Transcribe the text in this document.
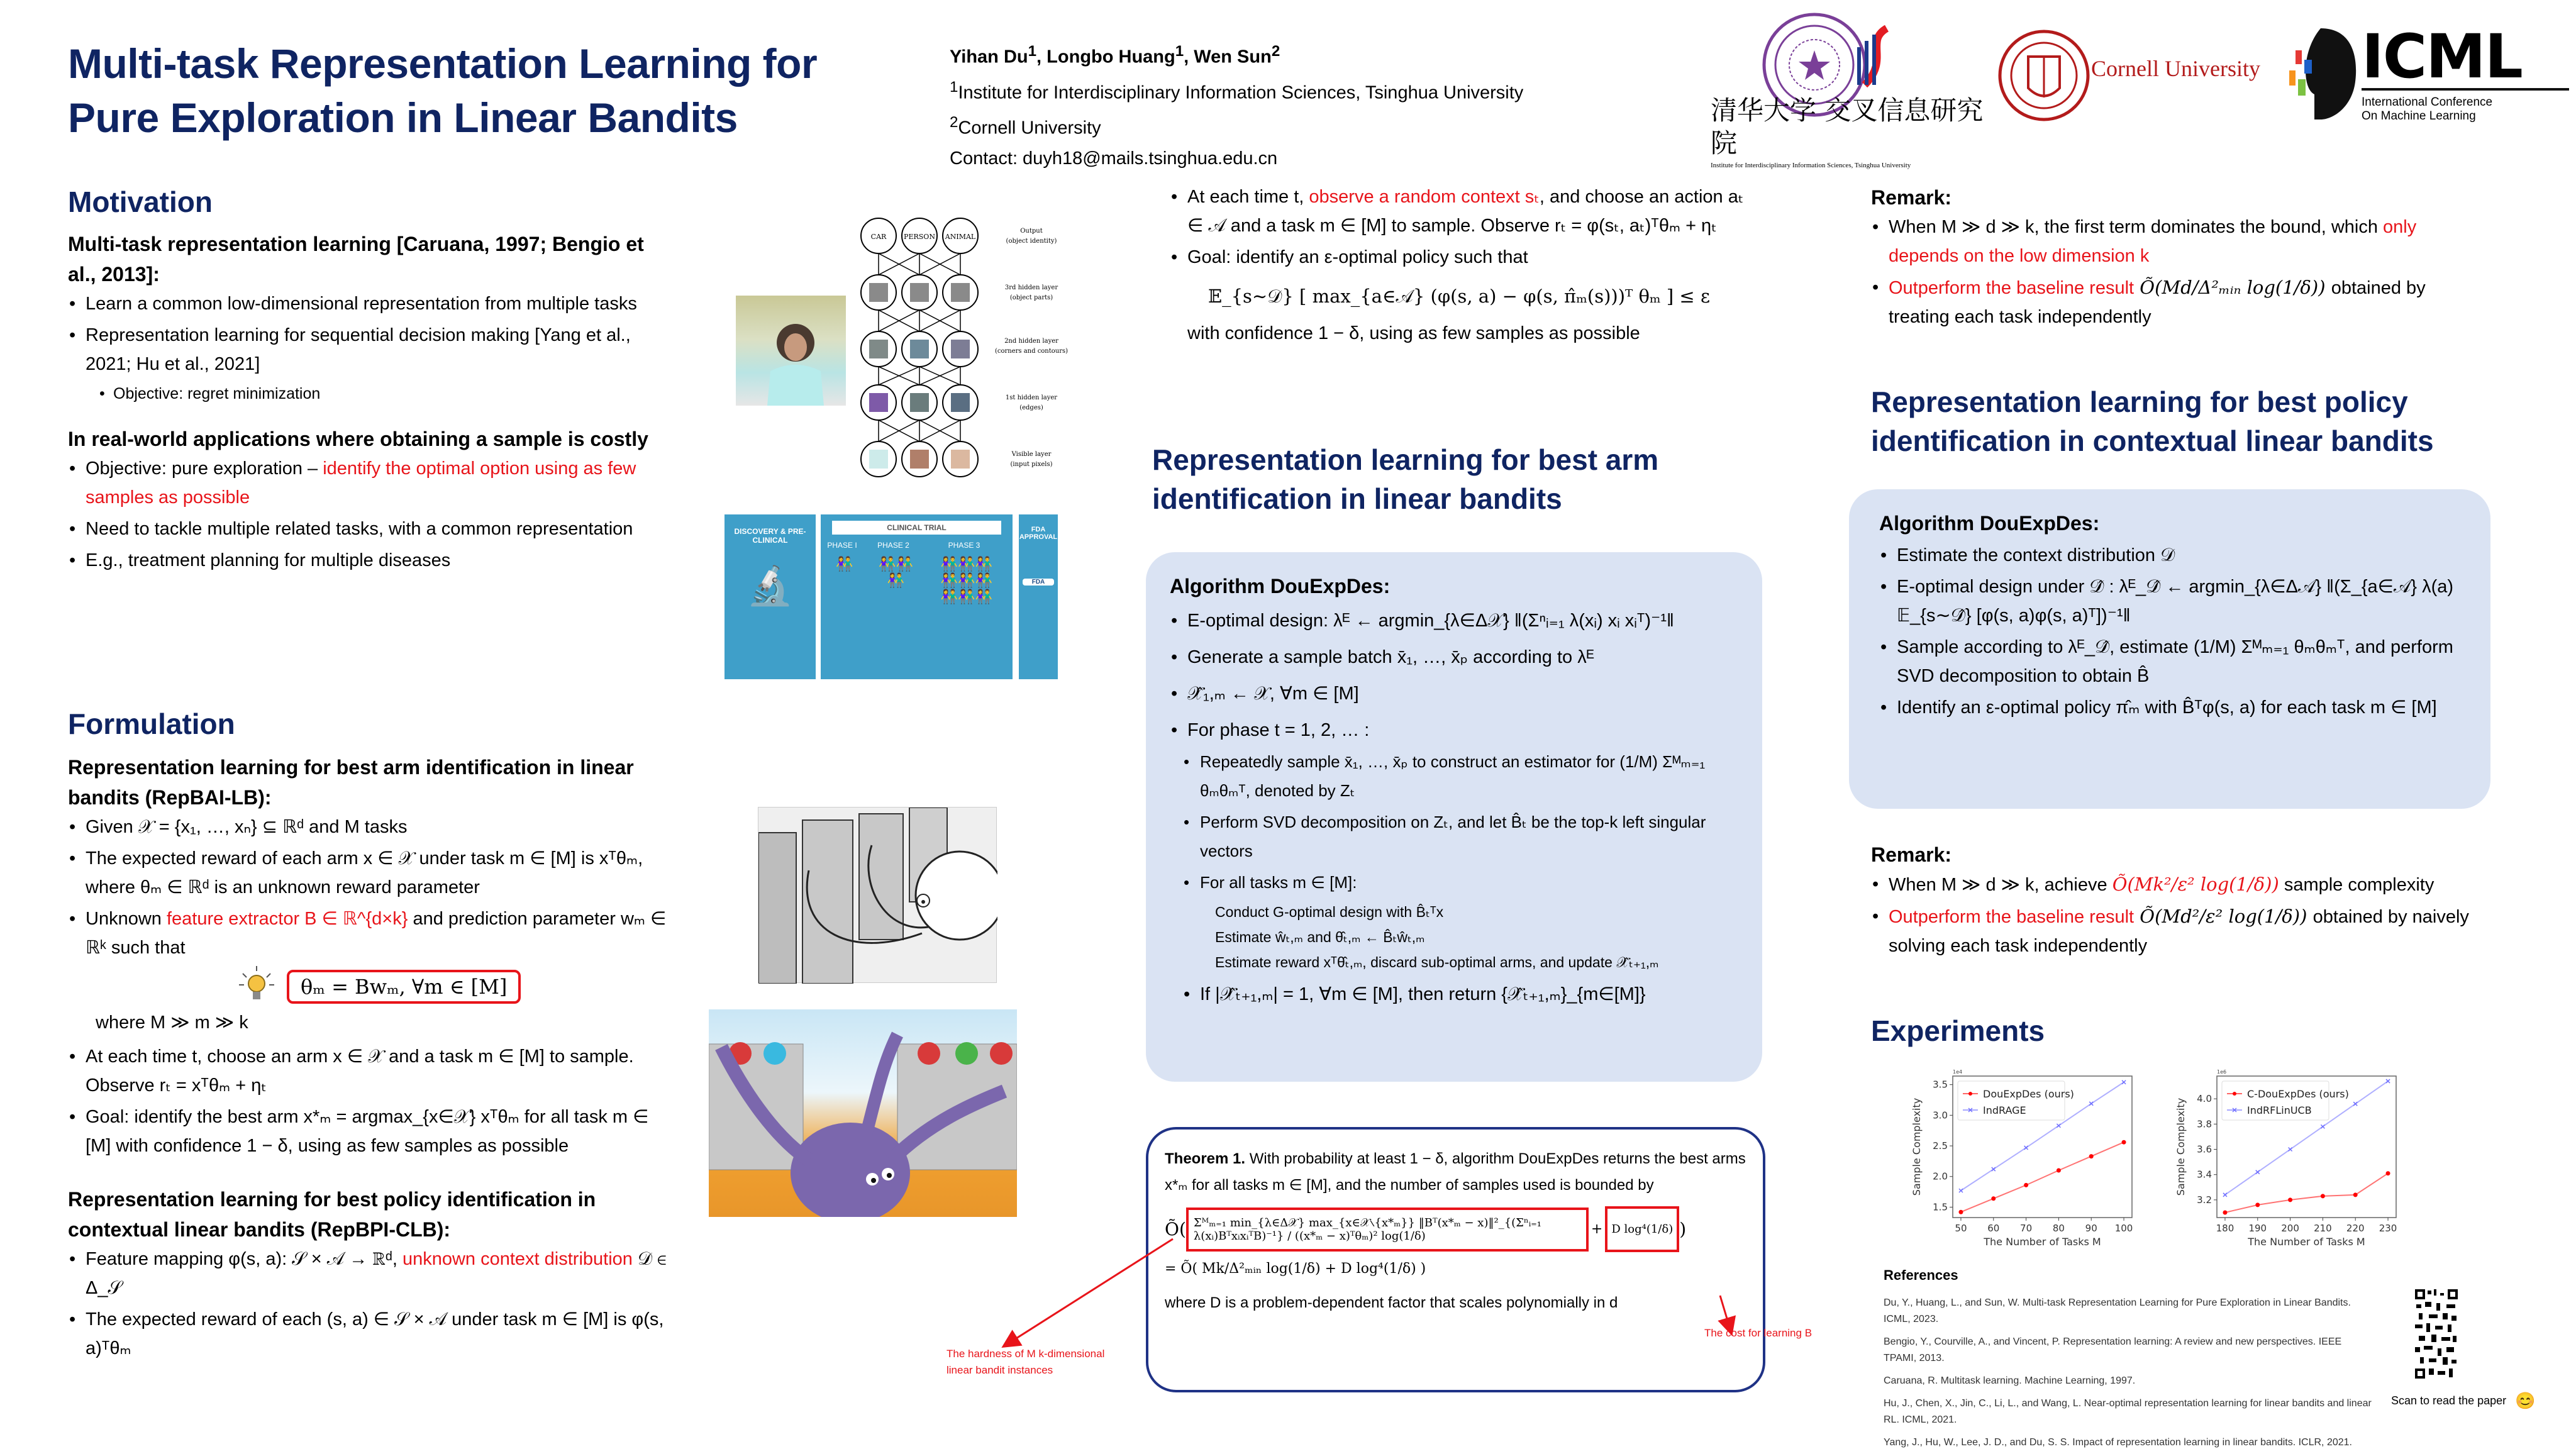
Multi-task Representation Learning for
Pure Exploration in Linear Bandits
Yihan Du$^1$, Longbo Huang$^1$, Wen Sun$^2$
$^1$Institute for Interdisciplinary Information Sciences, Tsinghua University
$^2$Cornell University
Contact: duyh18@mails.tsinghua.edu.cn
清华大学 交叉信息研究院
Institute for Interdisciplinary Information Sciences, Tsinghua University
Cornell University ICML
International Conference
On Machine Learning
Motivation
Multi-task representation learning [Caruana, 1997; Bengio et al., 2013]:
• Learn a common low-dimensional representation from multiple tasks
• Representation learning for sequential decision making [Yang et al., 2021; Hu et al., 2021]
• Objective: regret minimization
In real-world applications where obtaining a sample is costly
• Objective: pure exploration – identify the optimal option using as few samples as possible
• Need to tackle multiple related tasks, with a common representation
• E.g., treatment planning for multiple diseases
Formulation
Representation learning for best arm identification in linear bandits (RepBAI-LB):
• Given 𝒳 = {x₁, …, xₙ} ⊆ ℝᵈ and M tasks
• The expected reward of each arm x ∈ 𝒳 under task m ∈ [M] is xᵀθₘ, where θₘ ∈ ℝᵈ is an unknown reward parameter
• Unknown feature extractor B ∈ ℝ^{d×k} and prediction parameter wₘ ∈ ℝᵏ such that
θₘ = Bwₘ, ∀m ∈ [M]
where M ≫ m ≫ k
• At each time t, choose an arm x ∈ 𝒳 and a task m ∈ [M] to sample. Observe rₜ = xᵀθₘ + ηₜ
• Goal: identify the best arm x*ₘ = argmax_{x∈𝒳} xᵀθₘ for all task m ∈ [M] with confidence 1 − δ, using as few samples as possible
Representation learning for best policy identification in contextual linear bandits (RepBPI-CLB):
• Feature mapping φ(s, a): 𝒮 × 𝒜 → ℝᵈ, unknown context distribution 𝒟 ∈ Δ_𝒮
• The expected reward of each (s, a) ∈ 𝒮 × 𝒜 under task m ∈ [M] is φ(s, a)ᵀθₘ
CAR	PERSON ANIMAL
Output
(object identity)
3rd hidden layer
(object parts)
2nd hidden layer
(corners and contours)
1st hidden layer
(edges)
Visible layer
(input pixels)
DISCOVERY & PRE-CLINICAL
🔬
CLINICAL TRIAL
PHASE I	PHASE 2	PHASE 3
👫	👫👫
👫
👫👫👫
👫👫👫
👫👫👫
FDA APPROVAL
FDA
• At each time t, observe a random context sₜ, and choose an action aₜ ∈ 𝒜 and a task m ∈ [M] to sample. Observe rₜ = φ(sₜ, aₜ)ᵀθₘ + ηₜ
• Goal: identify an ε-optimal policy such that
𝔼_{s∼𝒟} [ max_{a∈𝒜} (φ(s, a) − φ(s, π̂ₘ(s)))ᵀ θₘ ] ≤ ε
with confidence 1 − δ, using as few samples as possible
Representation learning for best arm identification in linear bandits
Algorithm DouExpDes:
• E-optimal design: λᴱ ← argmin_{λ∈Δ𝒳} ‖(Σⁿᵢ₌₁ λ(xᵢ) xᵢ xᵢᵀ)⁻¹‖
• Generate a sample batch x̄₁, …, x̄ₚ according to λᴱ
• 𝒳̂₁,ₘ ← 𝒳, ∀m ∈ [M]
• For phase t = 1, 2, … :
• Repeatedly sample x̄₁, …, x̄ₚ to construct an estimator for (1/M) Σᴹₘ₌₁ θₘθₘᵀ, denoted by Zₜ
• Perform SVD decomposition on Zₜ, and let B̂ₜ be the top-k left singular vectors
• For all tasks m ∈ [M]:
Conduct G-optimal design with B̂ₜᵀx
Estimate ŵₜ,ₘ and θ̂ₜ,ₘ ← B̂ₜŵₜ,ₘ
Estimate reward xᵀθ̂ₜ,ₘ, discard sub-optimal arms, and update 𝒳̂ₜ₊₁,ₘ
• If |𝒳̂ₜ₊₁,ₘ| = 1, ∀m ∈ [M], then return {𝒳̂ₜ₊₁,ₘ}_{m∈[M]}
Theorem 1. With probability at least 1 − δ, algorithm DouExpDes returns the best arms x*ₘ for all tasks m ∈ [M], and the number of samples used is bounded by
Õ( Σᴹₘ₌₁ min_{λ∈Δ𝒳} max_{x∈𝒳∖{x*ₘ}} ‖Bᵀ(x*ₘ − x)‖²_{(Σⁿᵢ₌₁ λ(xᵢ)BᵀxᵢxᵢᵀB)⁻¹} / ((x*ₘ − x)ᵀθₘ)² log(1/δ)	+ D log⁴(1/δ) )
= Õ( Mk/Δ²ₘᵢₙ log(1/δ) + D log⁴(1/δ) )
where D is a problem-dependent factor that scales polynomially in d
The hardness of M k-dimensional linear bandit instances
The cost for learning B
Remark:
• When M ≫ d ≫ k, the first term dominates the bound, which only depends on the low dimension k
• Outperform the baseline result Õ(Md/Δ²ₘᵢₙ log(1/δ)) obtained by treating each task independently
Representation learning for best policy identification in contextual linear bandits
Algorithm DouExpDes:
• Estimate the context distribution 𝒟
• E-optimal design under 𝒟̂ : λᴱ_𝒟̂ ← argmin_{λ∈Δ𝒜} ‖(Σ_{a∈𝒜} λ(a) 𝔼_{s∼𝒟̂} [φ(s, a)φ(s, a)ᵀ])⁻¹‖
• Sample according to λᴱ_𝒟̂, estimate (1/M) Σᴹₘ₌₁ θₘθₘᵀ, and perform SVD decomposition to obtain B̂
• Identify an ε-optimal policy π̂ₘ with B̂ᵀφ(s, a) for each task m ∈ [M]
Remark:
• When M ≫ d ≫ k, achieve Õ(Mk²/ε² log(1/δ)) sample complexity
• Outperform the baseline result Õ(Md²/ε² log(1/δ)) obtained by naively solving each task independently
Experiments
1e4
50 60 70 80 90 100
1.5
2.0
2.5
3.0
3.5
The Number of Tasks M
Sample Complexity
DouExpDes (ours)
IndRAGE
1e6
180 190 200 210 220 230
3.2
3.4
3.6
3.8
4.0
The Number of Tasks M
Sample Complexity
C-DouExpDes (ours)
IndRFLinUCB
References
Du, Y., Huang, L., and Sun, W. Multi-task Representation Learning for Pure Exploration in Linear Bandits. ICML, 2023.
Bengio, Y., Courville, A., and Vincent, P. Representation learning: A review and new perspectives. IEEE TPAMI, 2013.
Caruana, R. Multitask learning. Machine Learning, 1997.
Hu, J., Chen, X., Jin, C., Li, L., and Wang, L. Near-optimal representation learning for linear bandits and linear RL. ICML, 2021.
Yang, J., Hu, W., Lee, J. D., and Du, S. S. Impact of representation learning in linear bandits. ICLR, 2021.
Scan to read the paper 😊
